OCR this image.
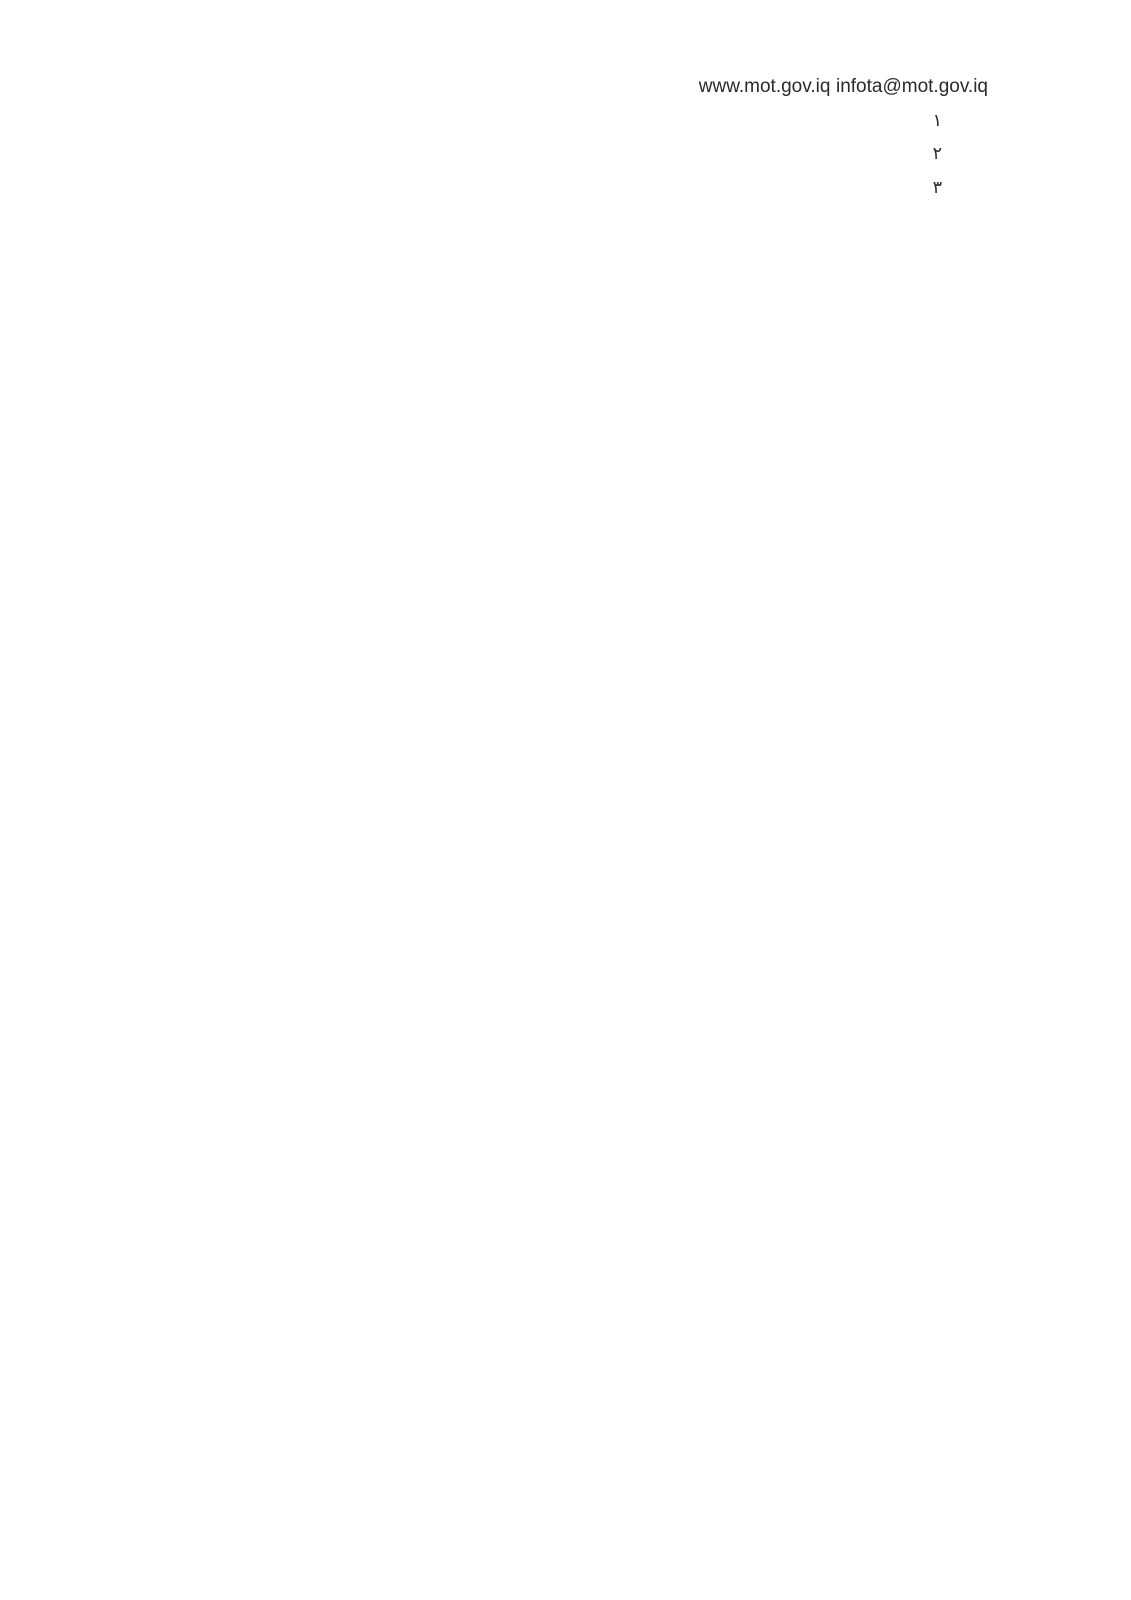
www.mot.gov.iq infota@mot.gov.iq

١
٢
٣
